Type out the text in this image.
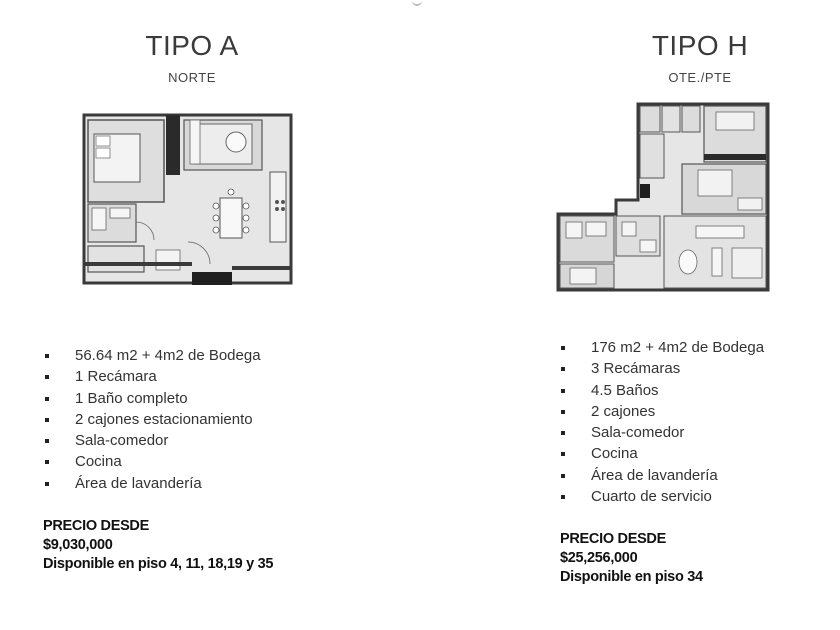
TIPO A
NORTE
56.64 m2 + 4m2 de Bodega
1 Recámara
1 Baño completo
2 cajones estacionamiento
Sala-comedor
Cocina
Área de lavandería
PRECIO DESDE
$9,030,000
Disponible en piso 4, 11, 18,19 y 35
TIPO H
OTE./PTE
176 m2 + 4m2 de Bodega
3 Recámaras
4.5 Baños
2 cajones
Sala-comedor
Cocina
Área de lavandería
Cuarto de servicio
PRECIO DESDE
$25,256,000
Disponible en piso 34
